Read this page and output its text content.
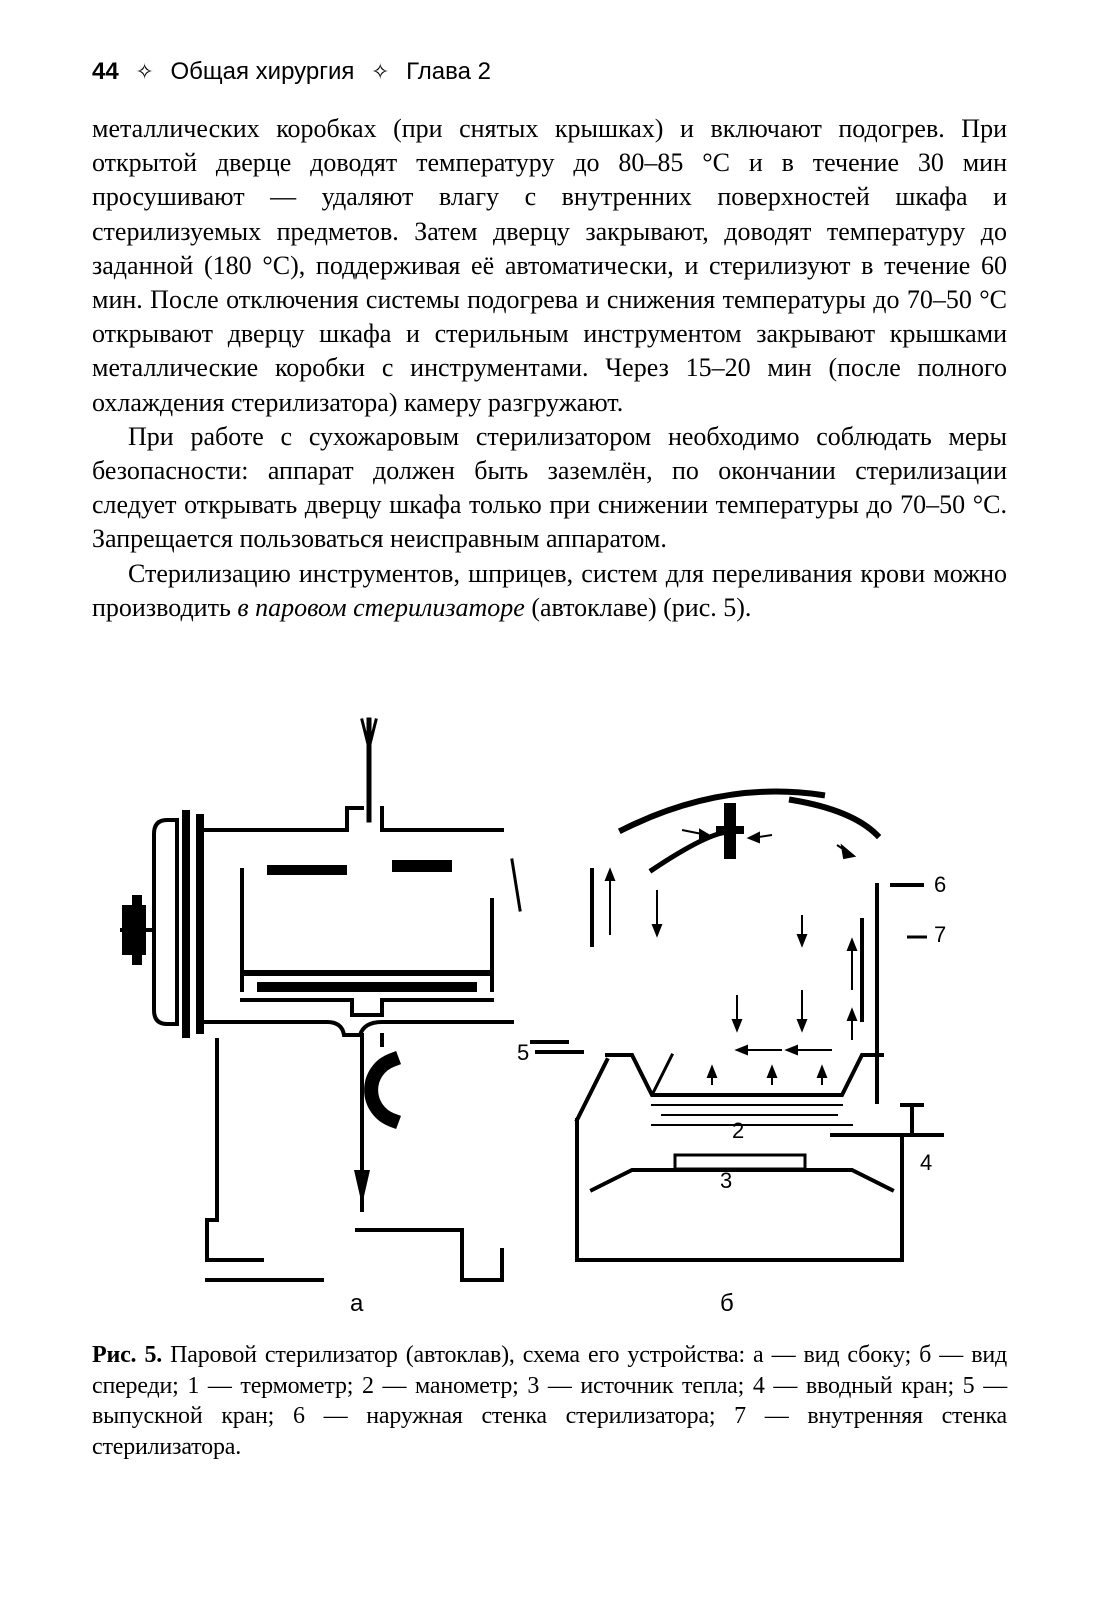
44 ✧ Общая хирургия ✧ Глава 2

металлических коробках (при снятых крышках) и включают подогрев. При открытой дверце доводят температуру до 80–85 °С и в течение 30 мин просушивают — удаляют влагу с внутренних поверхностей шкафа и стерилизуемых предметов. Затем дверцу закрывают, доводят температуру до заданной (180 °С), поддерживая её автоматически, и стерилизуют в течение 60 мин. После отключения системы подогрева и снижения температуры до 70–50 °С открывают дверцу шкафа и стерильным инструментом закрывают крышками металлические коробки с инструментами. Через 15–20 мин (после полного охлаждения стерилизатора) камеру разгружают.

При работе с сухожаровым стерилизатором необходимо соблюдать меры безопасности: аппарат должен быть заземлён, по окончании стерилизации следует открывать дверцу шкафа только при снижении температуры до 70–50 °С. Запрещается пользоваться неисправным аппаратом.

Стерилизацию инструментов, шприцев, систем для переливания крови можно производить в паровом стерилизаторе (автоклаве) (рис. 5).

5
2
3
4
6
7
а	б
Рис. 5. Паровой стерилизатор (автоклав), схема его устройства: а — вид сбоку; б — вид спереди; 1 — термометр; 2 — манометр; 3 — источник тепла; 4 — вводный кран; 5 — выпускной кран; 6 — наружная стенка стерилизатора; 7 — внутренняя стенка стерилизатора.
